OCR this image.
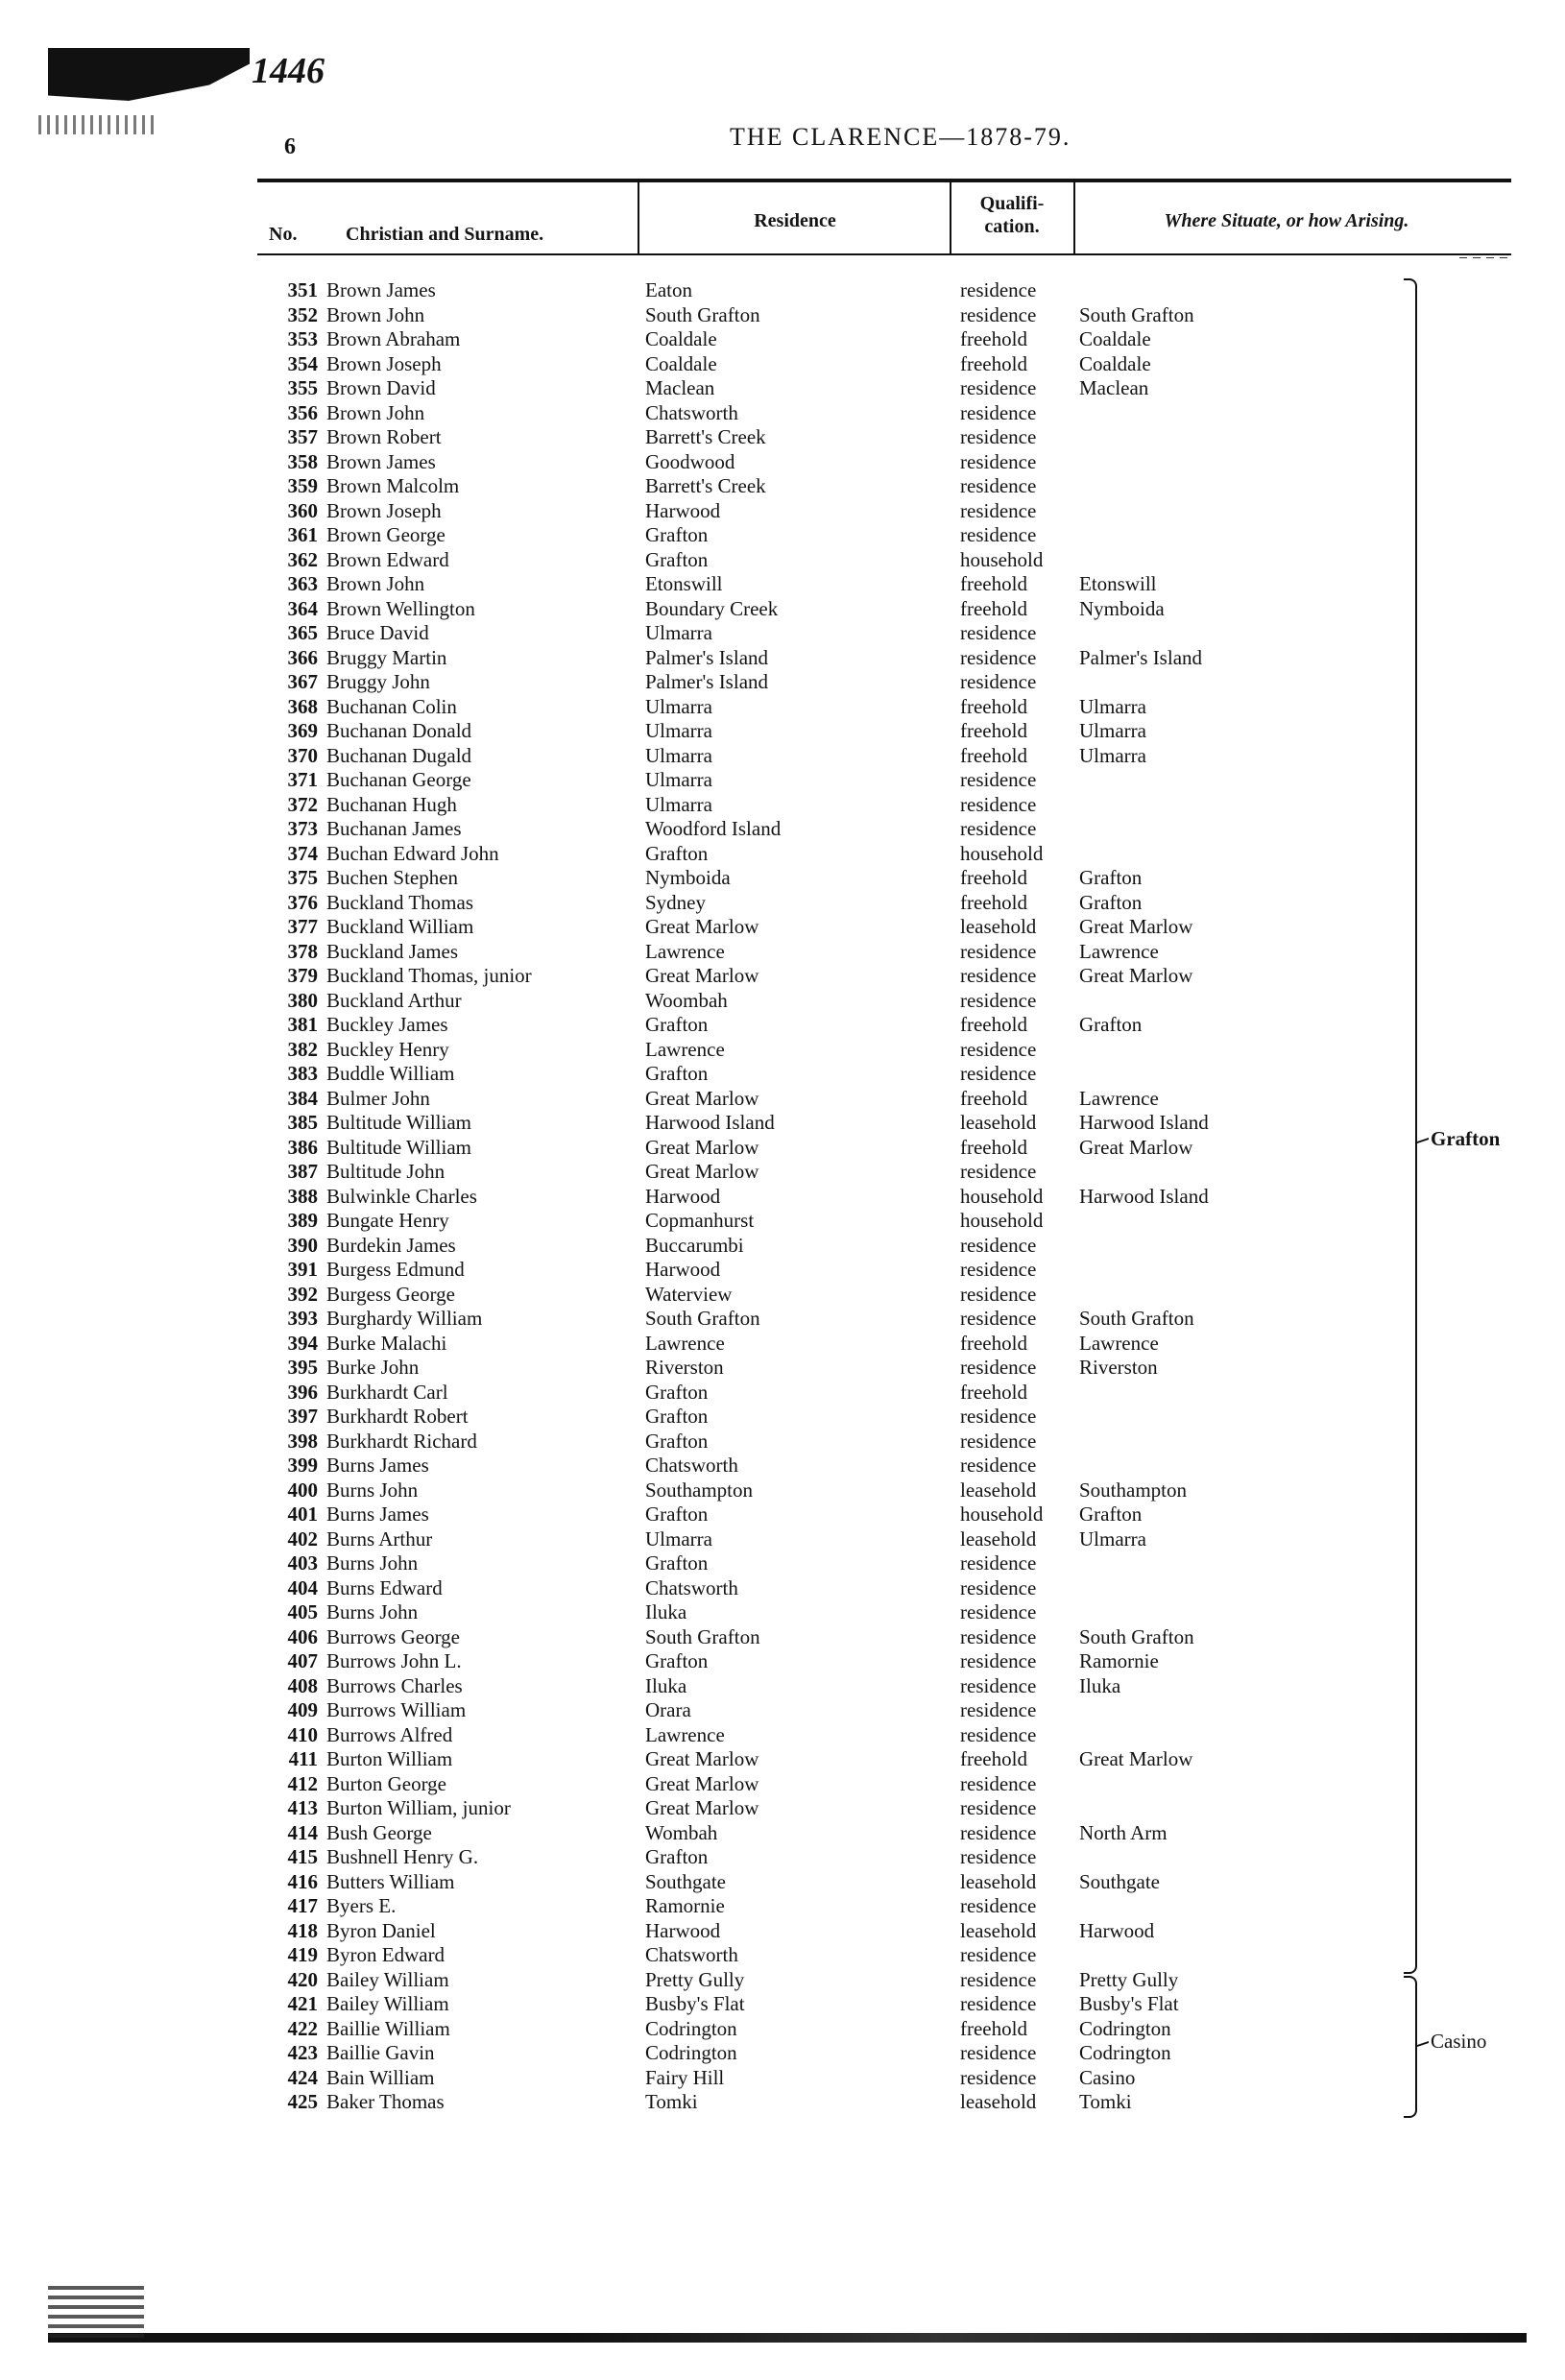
1446
6	THE CLARENCE—1878-79.
No.	Christian and Surname.
Residence
Qualifi-
cation.	Where Situate, or how Arising.
351 Brown James	Eaton	residence
352 Brown John	South Grafton	residence South Grafton
353 Brown Abraham	Coaldale	freehold	Coaldale
354 Brown Joseph	Coaldale	freehold	Coaldale
355 Brown David	Maclean	residence Maclean
356 Brown John	Chatsworth	residence
357 Brown Robert	Barrett's Creek	residence
358 Brown James	Goodwood	residence
359 Brown Malcolm	Barrett's Creek	residence
360 Brown Joseph	Harwood	residence
361 Brown George	Grafton	residence
362 Brown Edward	Grafton	household
363 Brown John	Etonswill	freehold	Etonswill
364 Brown Wellington	Boundary Creek	freehold	Nymboida
365 Bruce David	Ulmarra	residence
366 Bruggy Martin	Palmer's Island	residence Palmer's Island
367 Bruggy John	Palmer's Island	residence
368 Buchanan Colin	Ulmarra	freehold	Ulmarra
369 Buchanan Donald	Ulmarra	freehold	Ulmarra
370 Buchanan Dugald	Ulmarra	freehold	Ulmarra
371 Buchanan George	Ulmarra	residence
372 Buchanan Hugh	Ulmarra	residence
373 Buchanan James	Woodford Island	residence
374 Buchan Edward John	Grafton	household
375 Buchen Stephen	Nymboida	freehold	Grafton
376 Buckland Thomas	Sydney	freehold	Grafton
377 Buckland William	Great Marlow	leasehold Great Marlow
378 Buckland James	Lawrence	residence Lawrence
379 Buckland Thomas, junior	Great Marlow	residence Great Marlow
380 Buckland Arthur	Woombah	residence
381 Buckley James	Grafton	freehold	Grafton
382 Buckley Henry	Lawrence	residence
383 Buddle William	Grafton	residence
384 Bulmer John	Great Marlow	freehold	Lawrence
385 Bultitude William	Harwood Island	leasehold Harwood Island
386 Bultitude William	Great Marlow	freehold	Great Marlow
387 Bultitude John	Great Marlow	residence
388 Bulwinkle Charles	Harwood	household Harwood Island
389 Bungate Henry	Copmanhurst	household
390 Burdekin James	Buccarumbi	residence
391 Burgess Edmund	Harwood	residence
392 Burgess George	Waterview	residence
393 Burghardy William	South Grafton	residence South Grafton
394 Burke Malachi	Lawrence	freehold	Lawrence
395 Burke John	Riverston	residence Riverston
396 Burkhardt Carl	Grafton	freehold
397 Burkhardt Robert	Grafton	residence
398 Burkhardt Richard	Grafton	residence
399 Burns James	Chatsworth	residence
400 Burns John	Southampton	leasehold Southampton
401 Burns James	Grafton	household Grafton
402 Burns Arthur	Ulmarra	leasehold Ulmarra
403 Burns John	Grafton	residence
404 Burns Edward	Chatsworth	residence
405 Burns John	Iluka	residence
406 Burrows George	South Grafton	residence South Grafton
407 Burrows John L.	Grafton	residence Ramornie
408 Burrows Charles	Iluka	residence Iluka
409 Burrows William	Orara	residence
410 Burrows Alfred	Lawrence	residence
411 Burton William	Great Marlow	freehold	Great Marlow
412 Burton George	Great Marlow	residence
413 Burton William, junior	Great Marlow	residence
414 Bush George	Wombah	residence North Arm
415 Bushnell Henry G.	Grafton	residence
416 Butters William	Southgate	leasehold Southgate
417 Byers E.	Ramornie	residence
418 Byron Daniel	Harwood	leasehold Harwood
419 Byron Edward	Chatsworth	residence
420 Bailey William	Pretty Gully	residence Pretty Gully
421 Bailey William	Busby's Flat	residence Busby's Flat
422 Baillie William	Codrington	freehold	Codrington
423 Baillie Gavin	Codrington	residence Codrington
424 Bain William	Fairy Hill	residence Casino
425 Baker Thomas	Tomki	leasehold Tomki
Grafton
Casino
